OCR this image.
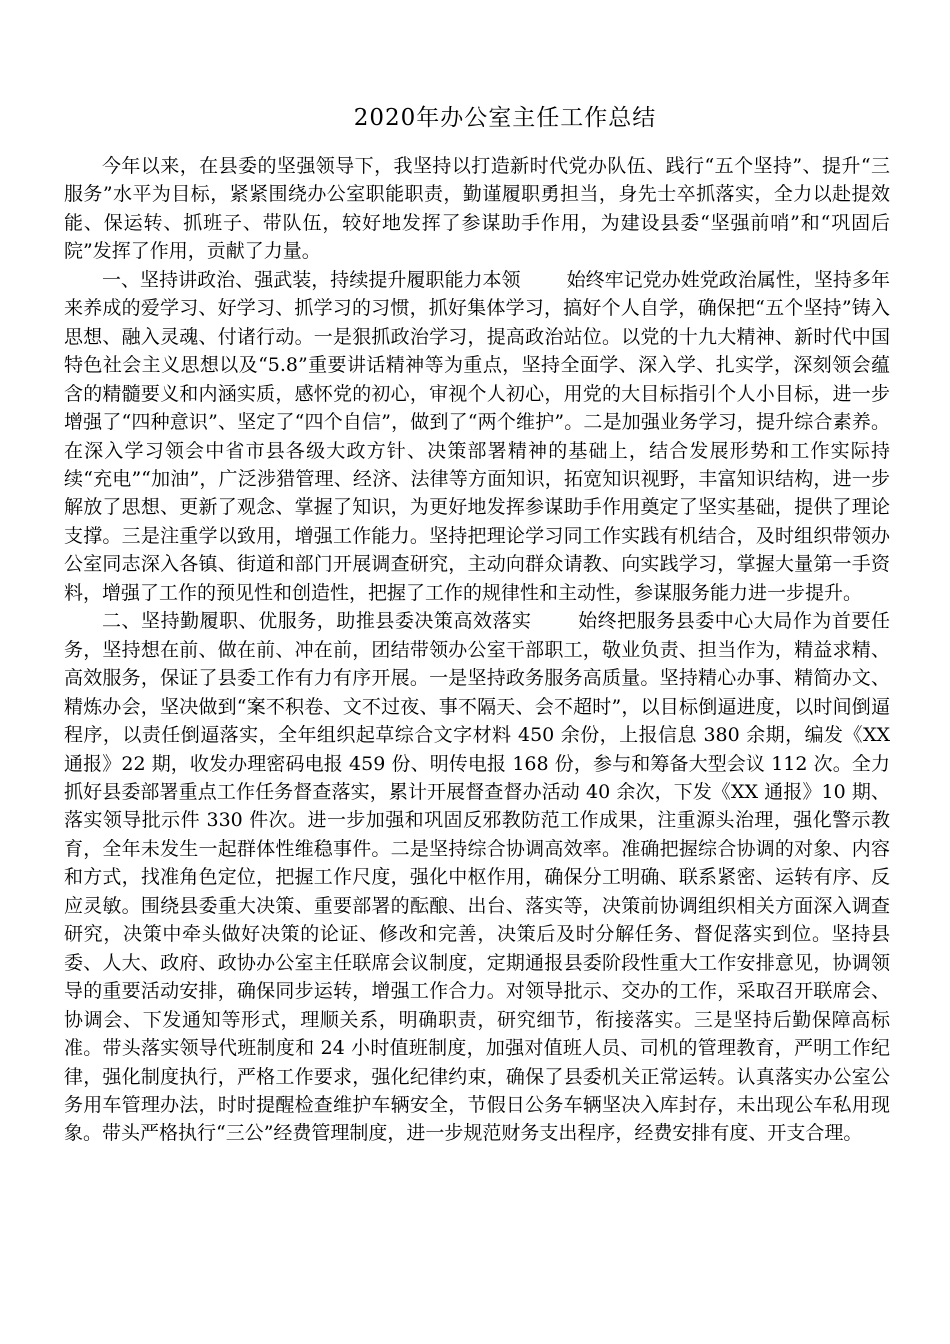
2020年办公室主任工作总结

今年以来，在县委的坚强领导下，我坚持以打造新时代党办队伍、践行“五个坚持”、提升“三服务”水平为目标，紧紧围绕办公室职能职责，勤谨履职勇担当，身先士卒抓落实，全力以赴提效能、保运转、抓班子、带队伍，较好地发挥了参谋助手作用，为建设县委“坚强前哨”和“巩固后院”发挥了作用，贡献了力量。

一、坚持讲政治、强武装，持续提升履职能力本领 始终牢记党办姓党政治属性，坚持多年来养成的爱学习、好学习、抓学习的习惯，抓好集体学习，搞好个人自学，确保把“五个坚持”铸入思想、融入灵魂、付诸行动。一是狠抓政治学习，提高政治站位。以党的十九大精神、新时代中国特色社会主义思想以及“5.8”重要讲话精神等为重点，坚持全面学、深入学、扎实学，深刻领会蕴含的精髓要义和内涵实质，感怀党的初心，审视个人初心，用党的大目标指引个人小目标，进一步增强了“四种意识”、坚定了“四个自信”，做到了“两个维护”。二是加强业务学习，提升综合素养。在深入学习领会中省市县各级大政方针、决策部署精神的基础上，结合发展形势和工作实际持续“充电”“加油”，广泛涉猎管理、经济、法律等方面知识，拓宽知识视野，丰富知识结构，进一步解放了思想、更新了观念、掌握了知识，为更好地发挥参谋助手作用奠定了坚实基础，提供了理论支撑。三是注重学以致用，增强工作能力。坚持把理论学习同工作实践有机结合，及时组织带领办公室同志深入各镇、街道和部门开展调查研究，主动向群众请教、向实践学习，掌握大量第一手资料，增强了工作的预见性和创造性，把握了工作的规律性和主动性，参谋服务能力进一步提升。

二、坚持勤履职、优服务，助推县委决策高效落实 始终把服务县委中心大局作为首要任务，坚持想在前、做在前、冲在前，团结带领办公室干部职工，敬业负责、担当作为，精益求精、高效服务，保证了县委工作有力有序开展。一是坚持政务服务高质量。坚持精心办事、精简办文、精炼办会，坚决做到“案不积卷、文不过夜、事不隔天、会不超时”，以目标倒逼进度，以时间倒逼程序，以责任倒逼落实，全年组织起草综合文字材料 450 余份，上报信息 380 余期，编发《XX 通报》22 期，收发办理密码电报 459 份、明传电报 168 份，参与和筹备大型会议 112 次。全力抓好县委部署重点工作任务督查落实，累计开展督查督办活动 40 余次，下发《XX 通报》10 期、落实领导批示件 330 件次。进一步加强和巩固反邪教防范工作成果，注重源头治理，强化警示教育，全年未发生一起群体性维稳事件。二是坚持综合协调高效率。准确把握综合协调的对象、内容和方式，找准角色定位，把握工作尺度，强化中枢作用，确保分工明确、联系紧密、运转有序、反应灵敏。围绕县委重大决策、重要部署的酝酿、出台、落实等，决策前协调组织相关方面深入调查研究，决策中牵头做好决策的论证、修改和完善，决策后及时分解任务、督促落实到位。坚持县委、人大、政府、政协办公室主任联席会议制度，定期通报县委阶段性重大工作安排意见，协调领导的重要活动安排，确保同步运转，增强工作合力。对领导批示、交办的工作，采取召开联席会、协调会、下发通知等形式，理顺关系，明确职责，研究细节，衔接落实。三是坚持后勤保障高标准。带头落实领导代班制度和 24 小时值班制度，加强对值班人员、司机的管理教育，严明工作纪律，强化制度执行，严格工作要求，强化纪律约束，确保了县委机关正常运转。认真落实办公室公务用车管理办法，时时提醒检查维护车辆安全，节假日公务车辆坚决入库封存，未出现公车私用现象。带头严格执行“三公”经费管理制度，进一步规范财务支出程序，经费安排有度、开支合理。
